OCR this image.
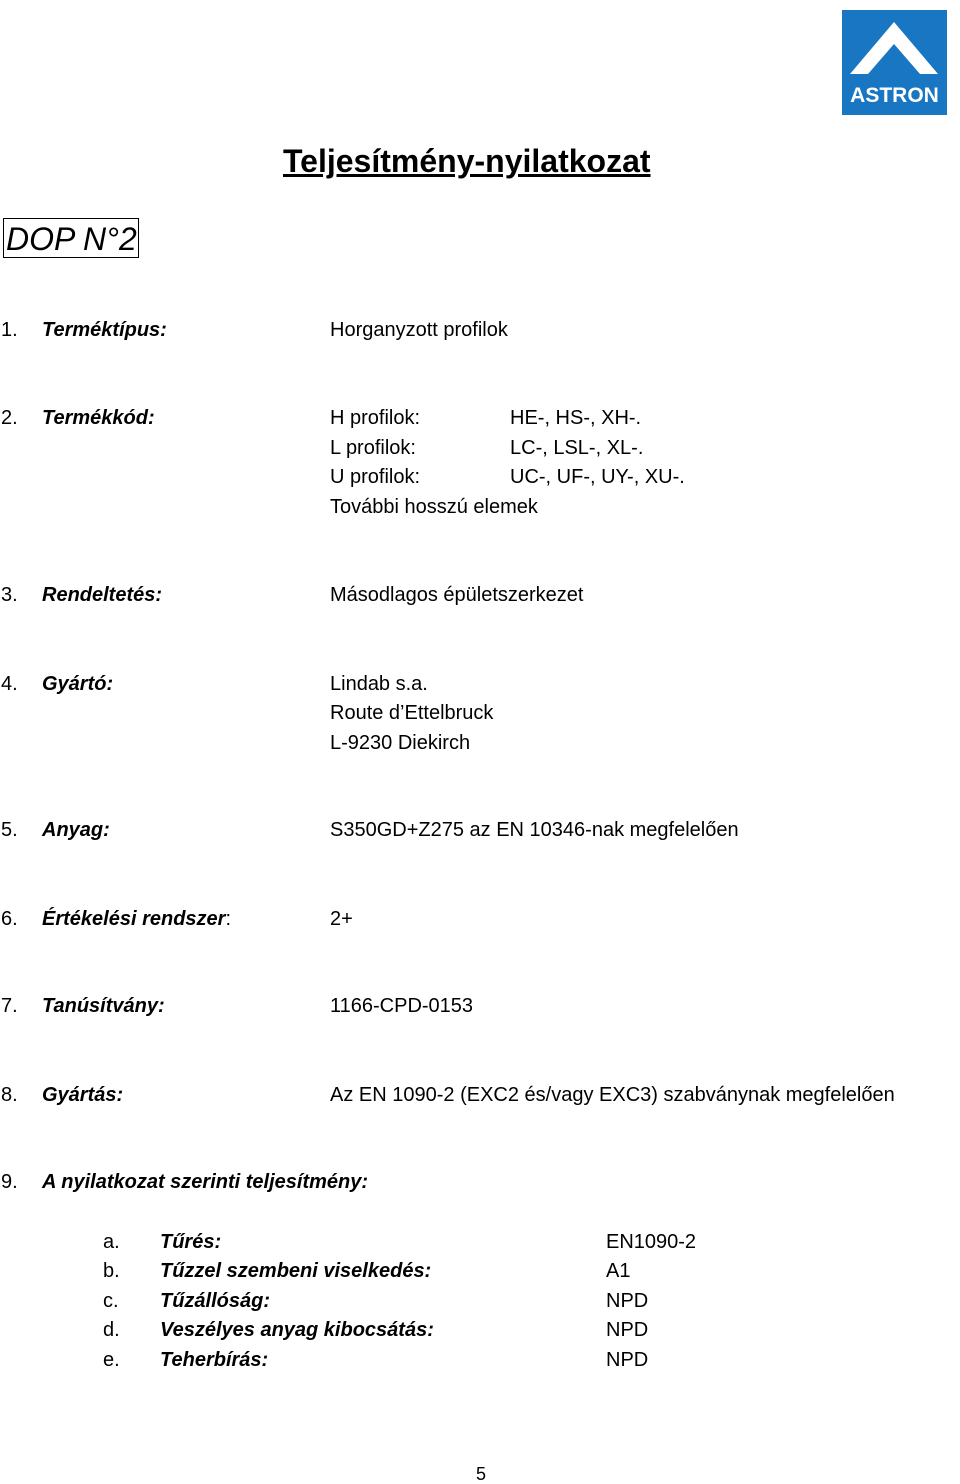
ASTRON
Teljesítmény-nyilatkozat
DOP N°2
1. Terméktípus:	Horganyzott profilok
2. Termékkód:	H profilok:	HE-, HS-, XH-.
L profilok:	LC-, LSL-, XL-.
U profilok:	UC-, UF-, UY-, XU-.
További hosszú elemek
3. Rendeltetés:	Másodlagos épületszerkezet
4. Gyártó:	Lindab s.a.
Route d’Ettelbruck
L-9230 Diekirch
5. Anyag:	S350GD+Z275 az EN 10346-nak megfelelően
6. Értékelési rendszer:	2+
7. Tanúsítvány:	1166-CPD-0153
8. Gyártás:	Az EN 1090-2 (EXC2 és/vagy EXC3) szabványnak megfelelően
9. A nyilatkozat szerinti teljesítmény:
a. Tűrés:	EN1090-2
b. Tűzzel szembeni viselkedés:	A1
c. Tűzállóság:	NPD
d. Veszélyes anyag kibocsátás:	NPD
e. Teherbírás:	NPD
5
